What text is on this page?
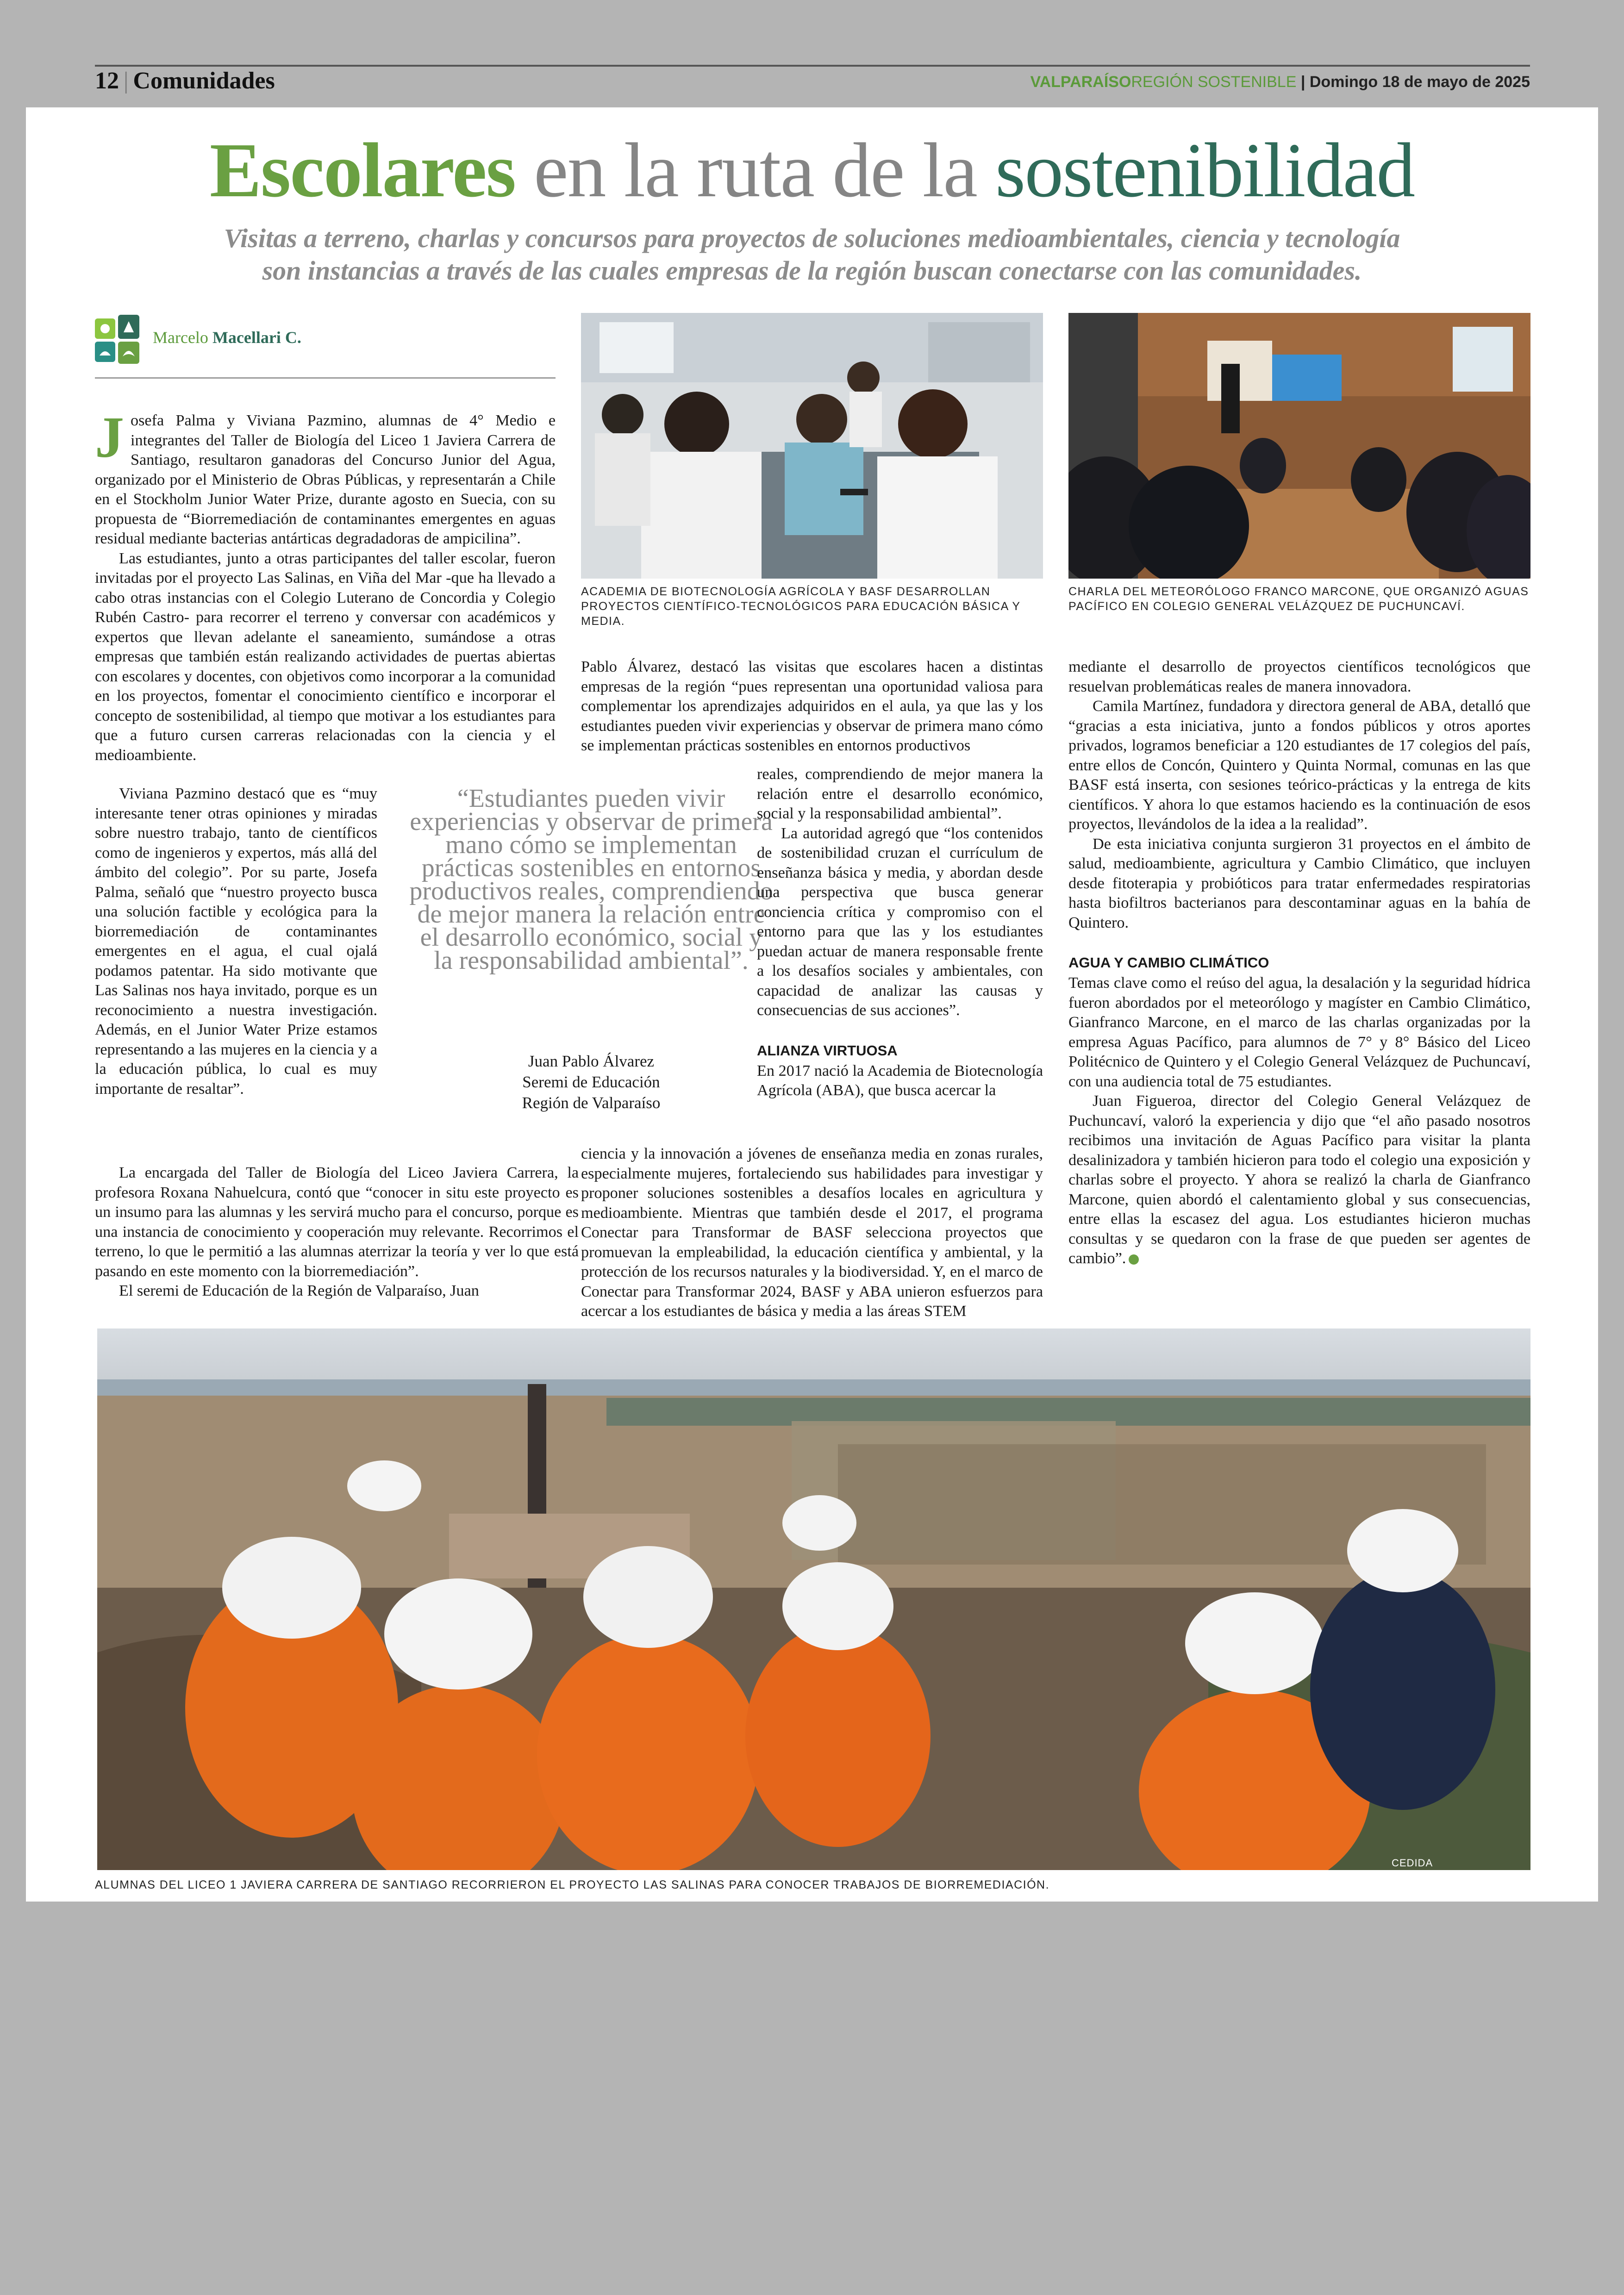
12 | Comunidades	VALPARAÍSOREGIÓN SOSTENIBLE | Domingo 18 de mayo de 2025
Escolares en la ruta de la sostenibilidad
Visitas a terreno, charlas y concursos para proyectos de soluciones medioambientales, ciencia y tecnología
son instancias a través de las cuales empresas de la región buscan conectarse con las comunidades.
Marcelo Macellari C.
ACADEMIA DE BIOTECNOLOGÍA AGRÍCOLA Y BASF DESARROLLAN PROYECTOS CIENTÍFICO-TECNOLÓGICOS PARA EDUCACIÓN BÁSICA Y MEDIA.
CHARLA DEL METEORÓLOGO FRANCO MARCONE, QUE ORGANIZÓ AGUAS PACÍFICO EN COLEGIO GENERAL VELÁZQUEZ DE PUCHUNCAVÍ.

Josefa Palma y Viviana Pazmino, alumnas de 4° Medio e integrantes del Taller de Biología del Liceo 1 Javiera Carrera de Santiago, resultaron ganadoras del Concurso Junior del Agua, organizado por el Ministerio de Obras Públicas, y representarán a Chile en el Stockholm Junior Water Prize, durante agosto en Suecia, con su propuesta de “Biorremediación de contaminantes emergentes en aguas residual mediante bacterias antárticas degradadoras de ampicilina”.

Las estudiantes, junto a otras participantes del taller escolar, fueron invitadas por el proyecto Las Salinas, en Viña del Mar -que ha llevado a cabo otras instancias con el Colegio Luterano de Concordia y Colegio Rubén Castro- para recorrer el terreno y conversar con académicos y expertos que llevan adelante el saneamiento, sumándose a otras empresas que también están realizando actividades de puertas abiertas con escolares y docentes, con objetivos como incorporar a la comunidad en los proyectos, fomentar el conocimiento científico e incorporar el concepto de sostenibilidad, al tiempo que motivar a los estudiantes para que a futuro cursen carreras relacionadas con la ciencia y el medioambiente.

Viviana Pazmino destacó que es “muy interesante tener otras opiniones y miradas sobre nuestro trabajo, tanto de científicos como de ingenieros y expertos, más allá del ámbito del colegio”. Por su parte, Josefa Palma, señaló que “nuestro proyecto busca una solución factible y ecológica para la biorremediación de contaminantes emergentes en el agua, el cual ojalá podamos patentar. Ha sido motivante que Las Salinas nos haya invitado, porque es un reconocimiento a nuestra investigación. Además, en el Junior Water Prize estamos representando a las mujeres en la ciencia y a la educación pública, lo cual es muy importante de resaltar”.

La encargada del Taller de Biología del Liceo Javiera Carrera, la profesora Roxana Nahuelcura, contó que “conocer in situ este proyecto es un insumo para las alumnas y les servirá mucho para el concurso, porque es una instancia de conocimiento y cooperación muy relevante. Recorrimos el terreno, lo que le permitió a las alumnas aterrizar la teoría y ver lo que está pasando en este momento con la biorremediación”.

El seremi de Educación de la Región de Valparaíso, Juan

“Estudiantes pueden vivir experiencias y observar de primera mano cómo se implementan prácticas sostenibles en entornos productivos reales, comprendiendo de mejor manera la relación entre el desarrollo económico, social y la responsabilidad ambiental”.
Juan Pablo Álvarez
Seremi de Educación
Región de Valparaíso

Pablo Álvarez, destacó las visitas que escolares hacen a distintas empresas de la región “pues representan una oportunidad valiosa para complementar los aprendizajes adquiridos en el aula, ya que las y los estudiantes pueden vivir experiencias y observar de primera mano cómo se implementan prácticas sostenibles en entornos productivos

reales, comprendiendo de mejor manera la relación entre el desarrollo económico, social y la responsabilidad ambiental”.

La autoridad agregó que “los contenidos de sostenibilidad cruzan el currículum de enseñanza básica y media, y abordan desde una perspectiva que busca generar conciencia crítica y compromiso con el entorno para que las y los estudiantes puedan actuar de manera responsable frente a los desafíos sociales y ambientales, con capacidad de analizar las causas y consecuencias de sus acciones”.

ALIANZA VIRTUOSA

En 2017 nació la Academia de Biotecnología Agrícola (ABA), que busca acercar la

ciencia y la innovación a jóvenes de enseñanza media en zonas rurales, especialmente mujeres, fortaleciendo sus habilidades para investigar y proponer soluciones sostenibles a desafíos locales en agricultura y medioambiente. Mientras que también desde el 2017, el programa Conectar para Transformar de BASF selecciona proyectos que promuevan la empleabilidad, la educación científica y ambiental, y la protección de los recursos naturales y la biodiversidad. Y, en el marco de Conectar para Transformar 2024, BASF y ABA unieron esfuerzos para acercar a los estudiantes de básica y media a las áreas STEM

mediante el desarrollo de proyectos científicos tecnológicos que resuelvan problemáticas reales de manera innovadora.

Camila Martínez, fundadora y directora general de ABA, detalló que “gracias a esta iniciativa, junto a fondos públicos y otros aportes privados, logramos beneficiar a 120 estudiantes de 17 colegios del país, entre ellos de Concón, Quintero y Quinta Normal, comunas en las que BASF está inserta, con sesiones teórico-prácticas y la entrega de kits científicos. Y ahora lo que estamos haciendo es la continuación de esos proyectos, llevándolos de la idea a la realidad”.

De esta iniciativa conjunta surgieron 31 proyectos en el ámbito de salud, medioambiente, agricultura y Cambio Climático, que incluyen desde fitoterapia y probióticos para tratar enfermedades respiratorias hasta biofiltros bacterianos para descontaminar aguas en la bahía de Quintero.

AGUA Y CAMBIO CLIMÁTICO

Temas clave como el reúso del agua, la desalación y la seguridad hídrica fueron abordados por el meteorólogo y magíster en Cambio Climático, Gianfranco Marcone, en el marco de las charlas organizadas por la empresa Aguas Pacífico, para alumnos de 7° y 8° Básico del Liceo Politécnico de Quintero y el Colegio General Velázquez de Puchuncaví, con una audiencia total de 75 estudiantes.

Juan Figueroa, director del Colegio General Velázquez de Puchuncaví, valoró la experiencia y dijo que “el año pasado nosotros recibimos una invitación de Aguas Pacífico para visitar la planta desalinizadora y también hicieron para todo el colegio una exposición y charlas sobre el proyecto. Y ahora se realizó la charla de Gianfranco Marcone, quien abordó el calentamiento global y sus consecuencias, entre ellas la escasez del agua. Los estudiantes hicieron muchas consultas y se quedaron con la frase de que pueden ser agentes de cambio”.

CEDIDA
ALUMNAS DEL LICEO 1 JAVIERA CARRERA DE SANTIAGO RECORRIERON EL PROYECTO LAS SALINAS PARA CONOCER TRABAJOS DE BIORREMEDIACIÓN.
